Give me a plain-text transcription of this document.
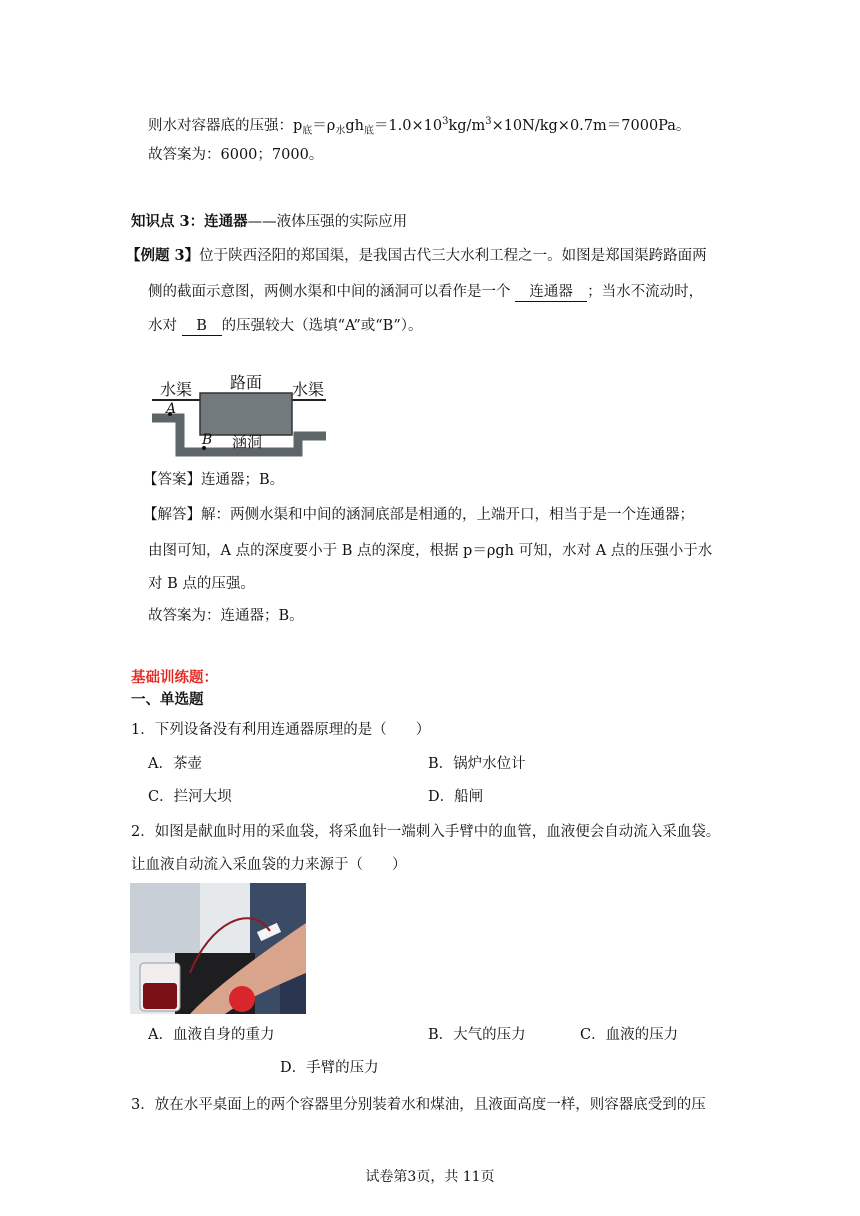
则水对容器底的压强：$p_底=\rho_水gh_底=1.0\times 10^3kg/m^3\times 10N/kg\times 0.7m=7000Pa$。
故答案为：6000；7000。
知识点 3：连通器——液体压强的实际应用
【例题 3】位于陕西泾阳的郑国渠，是我国古代三大水利工程之一。如图是郑国渠跨路面两
侧的截面示意图，两侧水渠和中间的涵洞可以看作是一个 连通器 ；当水不流动时，
水对 B 的压强较大（选填“A”或“B”）。
水渠 路面 水渠
涵洞
A
B
【答案】连通器；B。
【解答】解：两侧水渠和中间的涵洞底部是相通的，上端开口，相当于是一个连通器；
由图可知，A 点的深度要小于 B 点的深度，根据 p＝ρgh 可知，水对 A 点的压强小于水
对 B 点的压强。
故答案为：连通器；B。
基础训练题：
一、单选题
1．下列设备没有利用连通器原理的是（　　）
A．茶壶	B．锅炉水位计
C．拦河大坝	D．船闸
2．如图是献血时用的采血袋，将采血针一端刺入手臂中的血管，血液便会自动流入采血袋。
让血液自动流入采血袋的力来源于（　　）
A．血液自身的重力	B．大气的压力	C．血液的压力
D．手臂的压力
3．放在水平桌面上的两个容器里分别装着水和煤油，且液面高度一样，则容器底受到的压
试卷第3页，共 11页
